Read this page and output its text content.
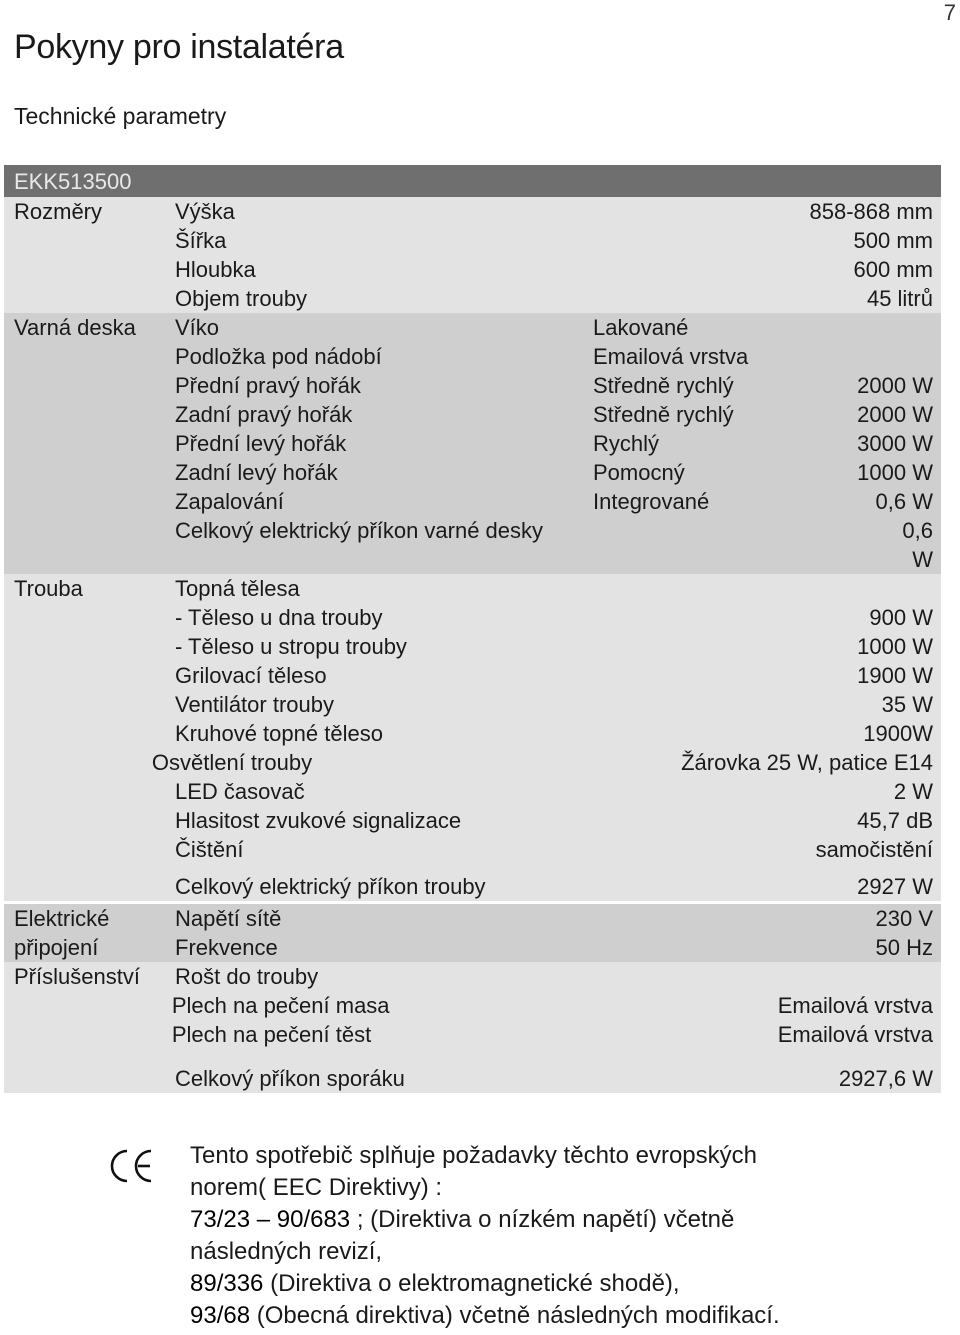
7
Pokyny pro instalatéra
Technické parametry
EKK513500
Rozměry	Výška	858-868 mm
Šířka	500 mm
Hloubka	600 mm
Objem trouby	45 litrů
Varná deska	Víko	Lakované
Podložka pod nádobí	Emailová vrstva
Přední pravý hořák	Středně rychlý	2000 W
Zadní pravý hořák	Středně rychlý	2000 W
Přední levý hořák	Rychlý	3000 W
Zadní levý hořák	Pomocný	1000 W
Zapalování	Integrované	0,6 W
Celkový elektrický příkon varné desky	0,6
W
Trouba	Topná tělesa
- Těleso u dna trouby	900 W
- Těleso u stropu trouby	1000 W
Grilovací těleso	1900 W
Ventilátor trouby	35 W
Kruhové topné těleso	1900W
Osvětlení trouby	Žárovka 25 W, patice E14
LED časovač	2 W
Hlasitost zvukové signalizace	45,7 dB
Čištění	samočistění
Celkový elektrický příkon trouby	2927 W
Elektrické	Napětí sítě	230 V
připojení	Frekvence	50 Hz
Příslušenství	Rošt do trouby
Plech na pečení masa	Emailová vrstva
Plech na pečení těst	Emailová vrstva
Celkový příkon sporáku	2927,6 W
Tento spotřebič splňuje požadavky těchto evropských
norem( EEC Direktivy) :
73/23 – 90/683 ; (Direktiva o nízkém napětí) včetně
následných revizí,
89/336 (Direktiva o elektromagnetické shodě),
93/68 (Obecná direktiva) včetně následných modifikací.
